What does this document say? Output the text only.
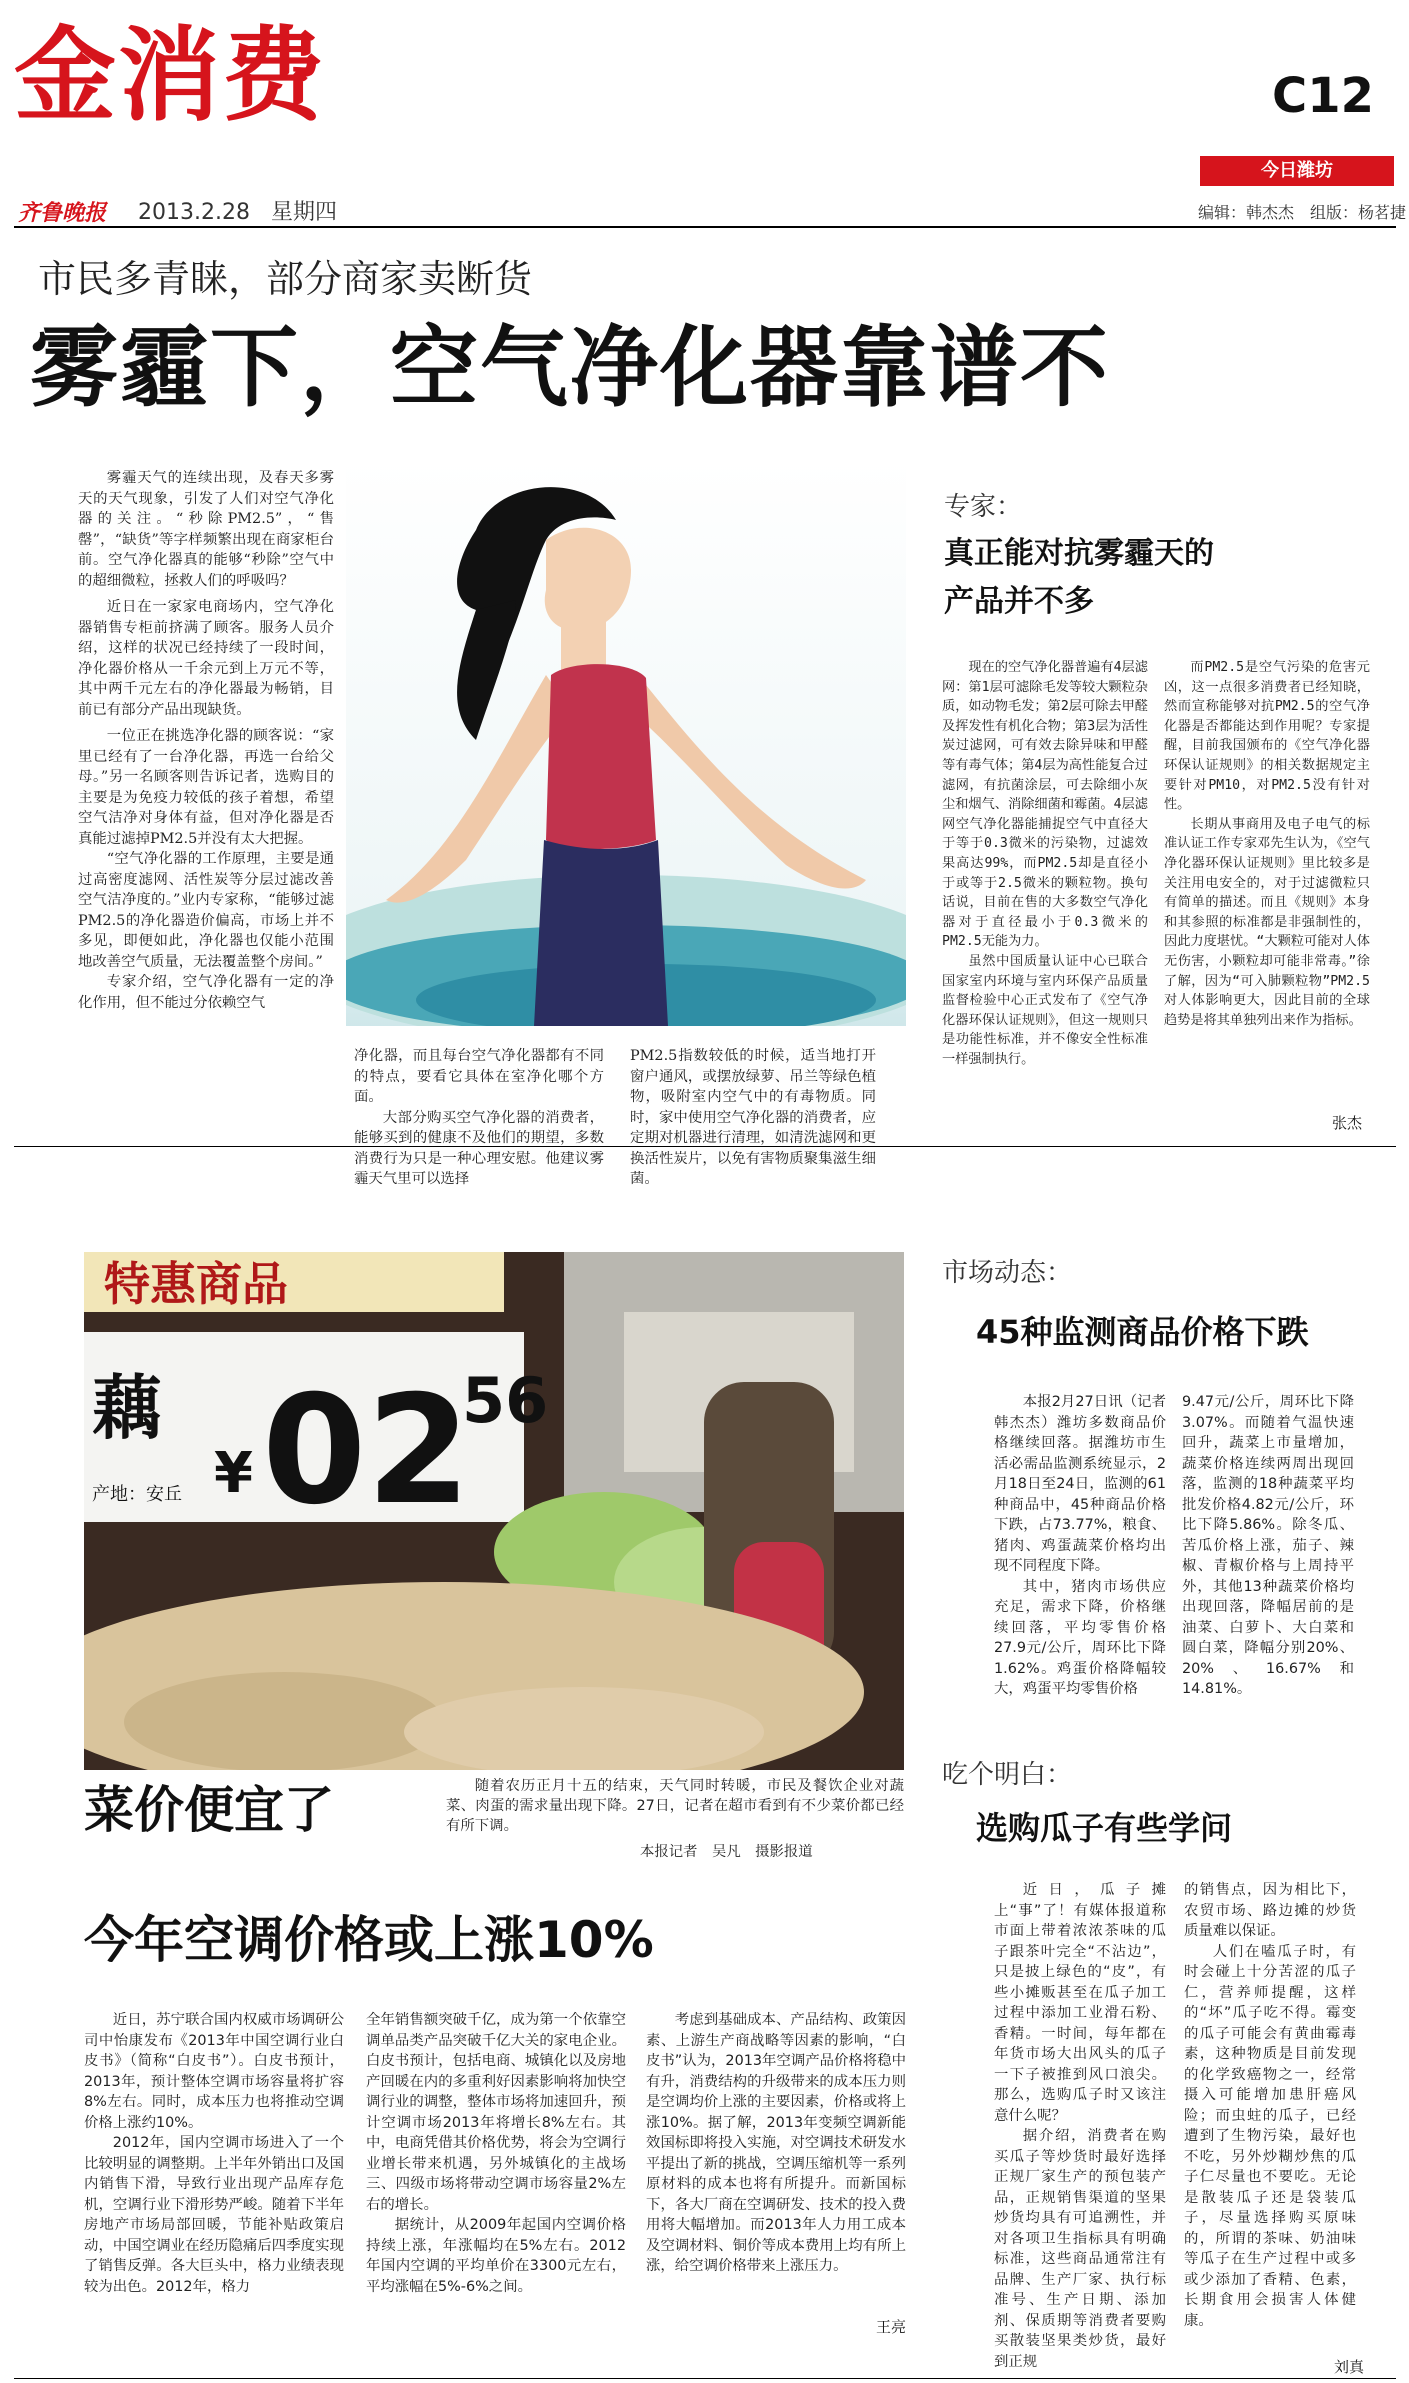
金消费	C12
今日潍坊
齐鲁晚报 2013.2.28 星期四	编辑：韩杰杰　组版：杨茗捷
市民多青睐，部分商家卖断货
雾霾下，空气净化器靠谱不

雾霾天气的连续出现，及春天多雾天的天气现象，引发了人们对空气净化器的关注。“秒除PM2.5”，“售罄”，“缺货”等字样频繁出现在商家柜台前。空气净化器真的能够“秒除”空气中的超细微粒，拯救人们的呼吸吗？

近日在一家家电商场内，空气净化器销售专柜前挤满了顾客。服务人员介绍，这样的状况已经持续了一段时间，净化器价格从一千余元到上万元不等，其中两千元左右的净化器最为畅销，目前已有部分产品出现缺货。

一位正在挑选净化器的顾客说：“家里已经有了一台净化器，再选一台给父母。”另一名顾客则告诉记者，选购目的主要是为免疫力较低的孩子着想，希望空气洁净对身体有益，但对净化器是否真能过滤掉PM2.5并没有太大把握。

“空气净化器的工作原理，主要是通过高密度滤网、活性炭等分层过滤改善空气洁净度的。”业内专家称，“能够过滤PM2.5的净化器造价偏高，市场上并不多见，即便如此，净化器也仅能小范围地改善空气质量，无法覆盖整个房间。”

专家介绍，空气净化器有一定的净化作用，但不能过分依赖空气

净化器，而且每台空气净化器都有不同的特点，要看它具体在室净化哪个方面。

大部分购买空气净化器的消费者，能够买到的健康不及他们的期望，多数消费行为只是一种心理安慰。他建议雾霾天气里可以选择

PM2.5指数较低的时候，适当地打开窗户通风，或摆放绿萝、吊兰等绿色植物，吸附室内空气中的有毒物质。同时，家中使用空气净化器的消费者，应定期对机器进行清理，如清洗滤网和更换活性炭片，以免有害物质聚集滋生细菌。

专家：
真正能对抗雾霾天的
产品并不多

现在的空气净化器普遍有4层滤网：第1层可滤除毛发等较大颗粒杂质，如动物毛发；第2层可除去甲醛及挥发性有机化合物；第3层为活性炭过滤网，可有效去除异味和甲醛等有毒气体；第4层为高性能复合过滤网，有抗菌涂层，可去除细小灰尘和烟气、消除细菌和霉菌。4层滤网空气净化器能捕捉空气中直径大于等于0.3微米的污染物，过滤效果高达99%，而PM2.5却是直径小于或等于2.5微米的颗粒物。换句话说，目前在售的大多数空气净化器对于直径最小于0.3微米的PM2.5无能为力。

虽然中国质量认证中心已联合国家室内环境与室内环保产品质量监督检验中心正式发布了《空气净化器环保认证规则》，但这一规则只是功能性标准，并不像安全性标准一样强制执行。

而PM2.5是空气污染的危害元凶，这一点很多消费者已经知晓，然而宣称能够对抗PM2.5的空气净化器是否都能达到作用呢？专家提醒，目前我国颁布的《空气净化器环保认证规则》的相关数据规定主要针对PM10，对PM2.5没有针对性。

长期从事商用及电子电气的标准认证工作专家邓先生认为，《空气净化器环保认证规则》里比较多是关注用电安全的，对于过滤微粒只有简单的描述。而且《规则》本身和其参照的标准都是非强制性的，因此力度堪忧。“大颗粒可能对人体无伤害，小颗粒却可能非常毒。”徐了解，因为“可入肺颗粒物”PM2.5对人体影响更大，因此目前的全球趋势是将其单独列出来作为指标。

张杰
特惠商品
藕
产地：安丘 ¥ 02
56
菜价便宜了	随着农历正月十五的结束，天气同时转暖，市民及餐饮企业对蔬菜、肉蛋的需求量出现下降。27日，记者在超市看到有不少菜价都已经有所下调。
本报记者　吴凡　摄影报道
市场动态：
45种监测商品价格下跌

本报2月27日讯（记者韩杰杰）潍坊多数商品价格继续回落。据潍坊市生活必需品监测系统显示，2月18日至24日，监测的61种商品中，45种商品价格下跌，占73.77%，粮食、猪肉、鸡蛋蔬菜价格均出现不同程度下降。

其中，猪肉市场供应充足，需求下降，价格继续回落，平均零售价格27.9元/公斤，周环比下降1.62%。鸡蛋价格降幅较大，鸡蛋平均零售价格

9.47元/公斤，周环比下降3.07%。而随着气温快速回升，蔬菜上市量增加，蔬菜价格连续两周出现回落，监测的18种蔬菜平均批发价格4.82元/公斤，环比下降5.86%。除冬瓜、苦瓜价格上涨，茄子、辣椒、青椒价格与上周持平外，其他13种蔬菜价格均出现回落，降幅居前的是油菜、白萝卜、大白菜和圆白菜，降幅分别20%、20%、16.67%和14.81%。

今年空调价格或上涨10%

近日，苏宁联合国内权威市场调研公司中怡康发布《2013年中国空调行业白皮书》（简称“白皮书”）。白皮书预计，2013年，预计整体空调市场容量将扩容8%左右。同时，成本压力也将推动空调价格上涨约10%。

2012年，国内空调市场进入了一个比较明显的调整期。上半年外销出口及国内销售下滑，导致行业出现产品库存危机，空调行业下滑形势严峻。随着下半年房地产市场局部回暖，节能补贴政策启动，中国空调业在经历隐痛后四季度实现了销售反弹。各大巨头中，格力业绩表现较为出色。2012年，格力

全年销售额突破千亿，成为第一个依靠空调单品类产品突破千亿大关的家电企业。白皮书预计，包括电商、城镇化以及房地产回暖在内的多重利好因素影响将加快空调行业的调整，整体市场将加速回升，预计空调市场2013年将增长8%左右。其中，电商凭借其价格优势，将会为空调行业增长带来机遇，另外城镇化的主战场三、四级市场将带动空调市场容量2%左右的增长。

据统计，从2009年起国内空调价格持续上涨，年涨幅均在5%左右。2012年国内空调的平均单价在3300元左右，平均涨幅在5%-6%之间。

考虑到基础成本、产品结构、政策因素、上游生产商战略等因素的影响，“白皮书”认为，2013年空调产品价格将稳中有升，消费结构的升级带来的成本压力则是空调均价上涨的主要因素，价格或将上涨10%。据了解，2013年变频空调新能效国标即将投入实施，对空调技术研发水平提出了新的挑战，空调压缩机等一系列原材料的成本也将有所提升。而新国标下，各大厂商在空调研发、技术的投入费用将大幅增加。而2013年人力用工成本及空调材料、铜价等成本费用上均有所上涨，给空调价格带来上涨压力。

王亮
吃个明白：
选购瓜子有些学问

近日，瓜子摊上“事”了！有媒体报道称市面上带着浓浓茶味的瓜子跟茶叶完全“不沾边”，只是披上绿色的“皮”，有些小摊贩甚至在瓜子加工过程中添加工业滑石粉、香精。一时间，每年都在年货市场大出风头的瓜子一下子被推到风口浪尖。那么，选购瓜子时又该注意什么呢？

据介绍，消费者在购买瓜子等炒货时最好选择正规厂家生产的预包装产品，正规销售渠道的坚果炒货均具有可追溯性，并对各项卫生指标具有明确标准，这些商品通常注有品牌、生产厂家、执行标准号、生产日期、添加剂、保质期等消费者要购买散装坚果类炒货，最好到正规

的销售点，因为相比下，农贸市场、路边摊的炒货质量难以保证。

人们在嗑瓜子时，有时会碰上十分苦涩的瓜子仁，营养师提醒，这样的“坏”瓜子吃不得。霉变的瓜子可能会有黄曲霉毒素，这种物质是目前发现的化学致癌物之一，经常摄入可能增加患肝癌风险；而虫蛀的瓜子，已经遭到了生物污染，最好也不吃，另外炒糊炒焦的瓜子仁尽量也不要吃。无论是散装瓜子还是袋装瓜子，尽量选择购买原味的，所谓的茶味、奶油味等瓜子在生产过程中或多或少添加了香精、色素，长期食用会损害人体健康。

刘真
